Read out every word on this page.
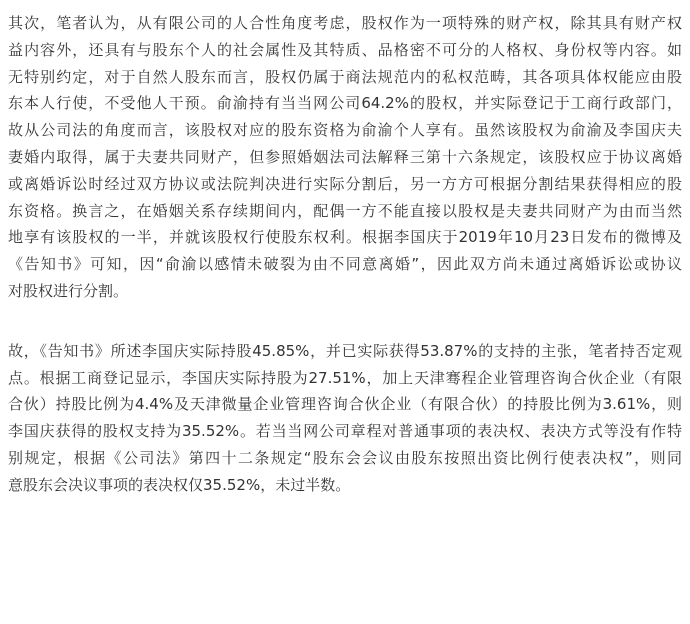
其次，笔者认为，从有限公司的人合性角度考虑，股权作为一项特殊的财产权，除其具有财产权
益内容外，还具有与股东个人的社会属性及其特质、品格密不可分的人格权、身份权等内容。如
无特别约定，对于自然人股东而言，股权仍属于商法规范内的私权范畴，其各项具体权能应由股
东本人行使，不受他人干预。俞渝持有当当网公司64.2%的股权，并实际登记于工商行政部门，
故从公司法的角度而言，该股权对应的股东资格为俞渝个人享有。虽然该股权为俞渝及李国庆夫
妻婚内取得，属于夫妻共同财产，但参照婚姻法司法解释三第十六条规定，该股权应于协议离婚
或离婚诉讼时经过双方协议或法院判决进行实际分割后，另一方方可根据分割结果获得相应的股
东资格。换言之，在婚姻关系存续期间内，配偶一方不能直接以股权是夫妻共同财产为由而当然
地享有该股权的一半，并就该股权行使股东权利。根据李国庆于2019年10月23日发布的微博及
《告知书》可知，因“俞渝以感情未破裂为由不同意离婚”，因此双方尚未通过离婚诉讼或协议
对股权进行分割。

故，《告知书》所述李国庆实际持股45.85%，并已实际获得53.87%的支持的主张，笔者持否定观
点。根据工商登记显示，李国庆实际持股为27.51%，加上天津骞程企业管理咨询合伙企业（有限
合伙）持股比例为4.4%及天津微量企业管理咨询合伙企业（有限合伙）的持股比例为3.61%，则
李国庆获得的股权支持为35.52%。若当当网公司章程对普通事项的表决权、表决方式等没有作特
别规定，根据《公司法》第四十二条规定“股东会会议由股东按照出资比例行使表决权”，则同
意股东会决议事项的表决权仅35.52%，未过半数。
